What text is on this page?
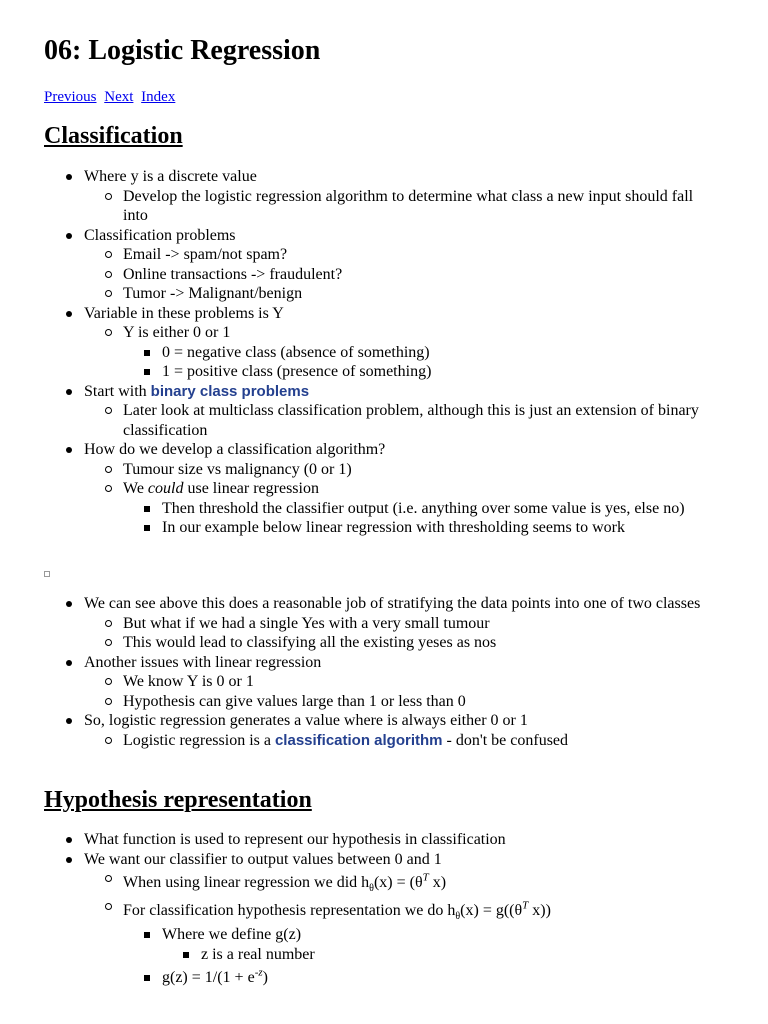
06: Logistic Regression
Previous Next Index
Classification
Where y is a discrete value
Develop the logistic regression algorithm to determine what class a new input should fall into
Classification problems
Email -> spam/not spam?
Online transactions -> fraudulent?
Tumor -> Malignant/benign
Variable in these problems is Y
Y is either 0 or 1
0 = negative class (absence of something)
1 = positive class (presence of something)
Start with binary class problems
Later look at multiclass classification problem, although this is just an extension of binary classification
How do we develop a classification algorithm?
Tumour size vs malignancy (0 or 1)
We could use linear regression
Then threshold the classifier output (i.e. anything over some value is yes, else no)
In our example below linear regression with thresholding seems to work
We can see above this does a reasonable job of stratifying the data points into one of two classes
But what if we had a single Yes with a very small tumour
This would lead to classifying all the existing yeses as nos
Another issues with linear regression
We know Y is 0 or 1
Hypothesis can give values large than 1 or less than 0
So, logistic regression generates a value where is always either 0 or 1
Logistic regression is a classification algorithm - don't be confused
Hypothesis representation
What function is used to represent our hypothesis in classification
We want our classifier to output values between 0 and 1
When using linear regression we did $h_\theta(x) = (\theta^T$ x)
For classification hypothesis representation we do $h_\theta(x) = g((\theta^T$ x))
Where we define g(z)
z is a real number
$g(z) = 1/(1 + e^{-z})$
